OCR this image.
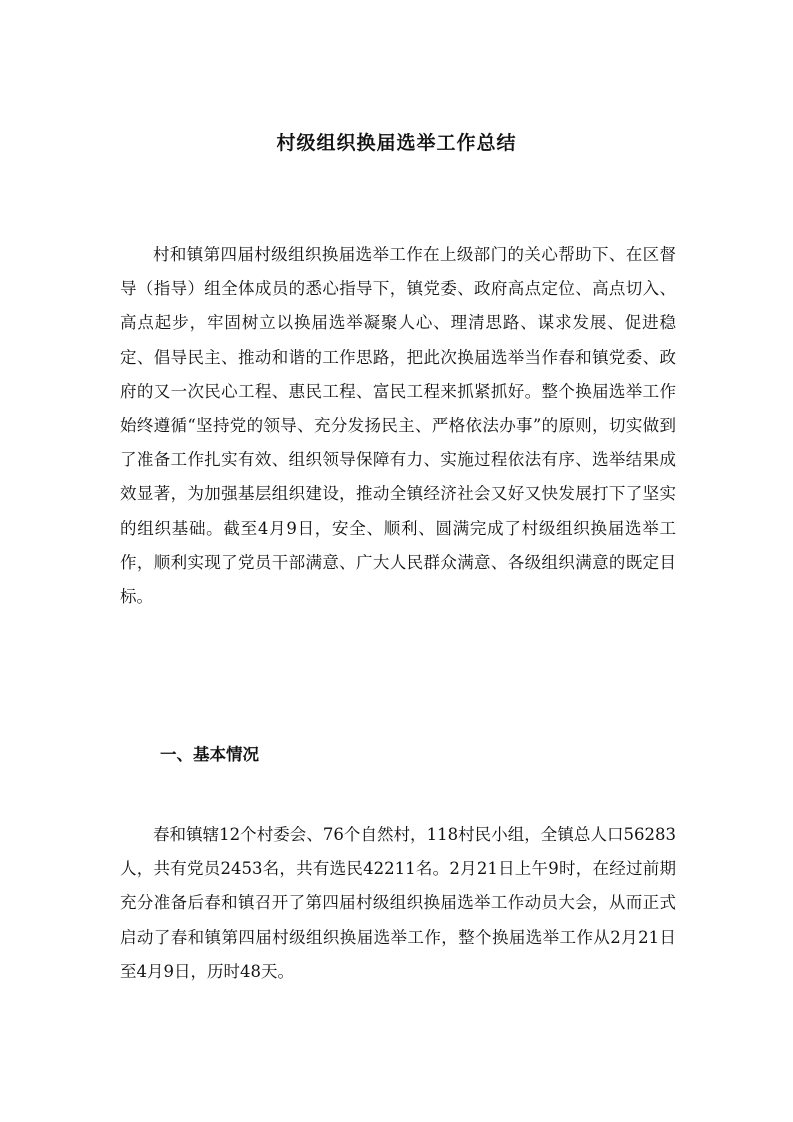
村级组织换届选举工作总结

村和镇第四届村级组织换届选举工作在上级部门的关心帮助下、在区督导（指导）组全体成员的悉心指导下，镇党委、政府高点定位、高点切入、高点起步，牢固树立以换届选举凝聚人心、理清思路、谋求发展、促进稳定、倡导民主、推动和谐的工作思路，把此次换届选举当作春和镇党委、政府的又一次民心工程、惠民工程、富民工程来抓紧抓好。整个换届选举工作始终遵循“坚持党的领导、充分发扬民主、严格依法办事”的原则，切实做到了准备工作扎实有效、组织领导保障有力、实施过程依法有序、选举结果成效显著，为加强基层组织建设，推动全镇经济社会又好又快发展打下了坚实的组织基础。截至4月9日，安全、顺利、圆满完成了村级组织换届选举工作，顺利实现了党员干部满意、广大人民群众满意、各级组织满意的既定目标。

一、基本情况

春和镇辖12个村委会、76个自然村，118村民小组，全镇总人口56283人，共有党员2453名，共有选民42211名。2月21日上午9时，在经过前期充分准备后春和镇召开了第四届村级组织换届选举工作动员大会，从而正式启动了春和镇第四届村级组织换届选举工作，整个换届选举工作从2月21日至4月9日，历时48天。
